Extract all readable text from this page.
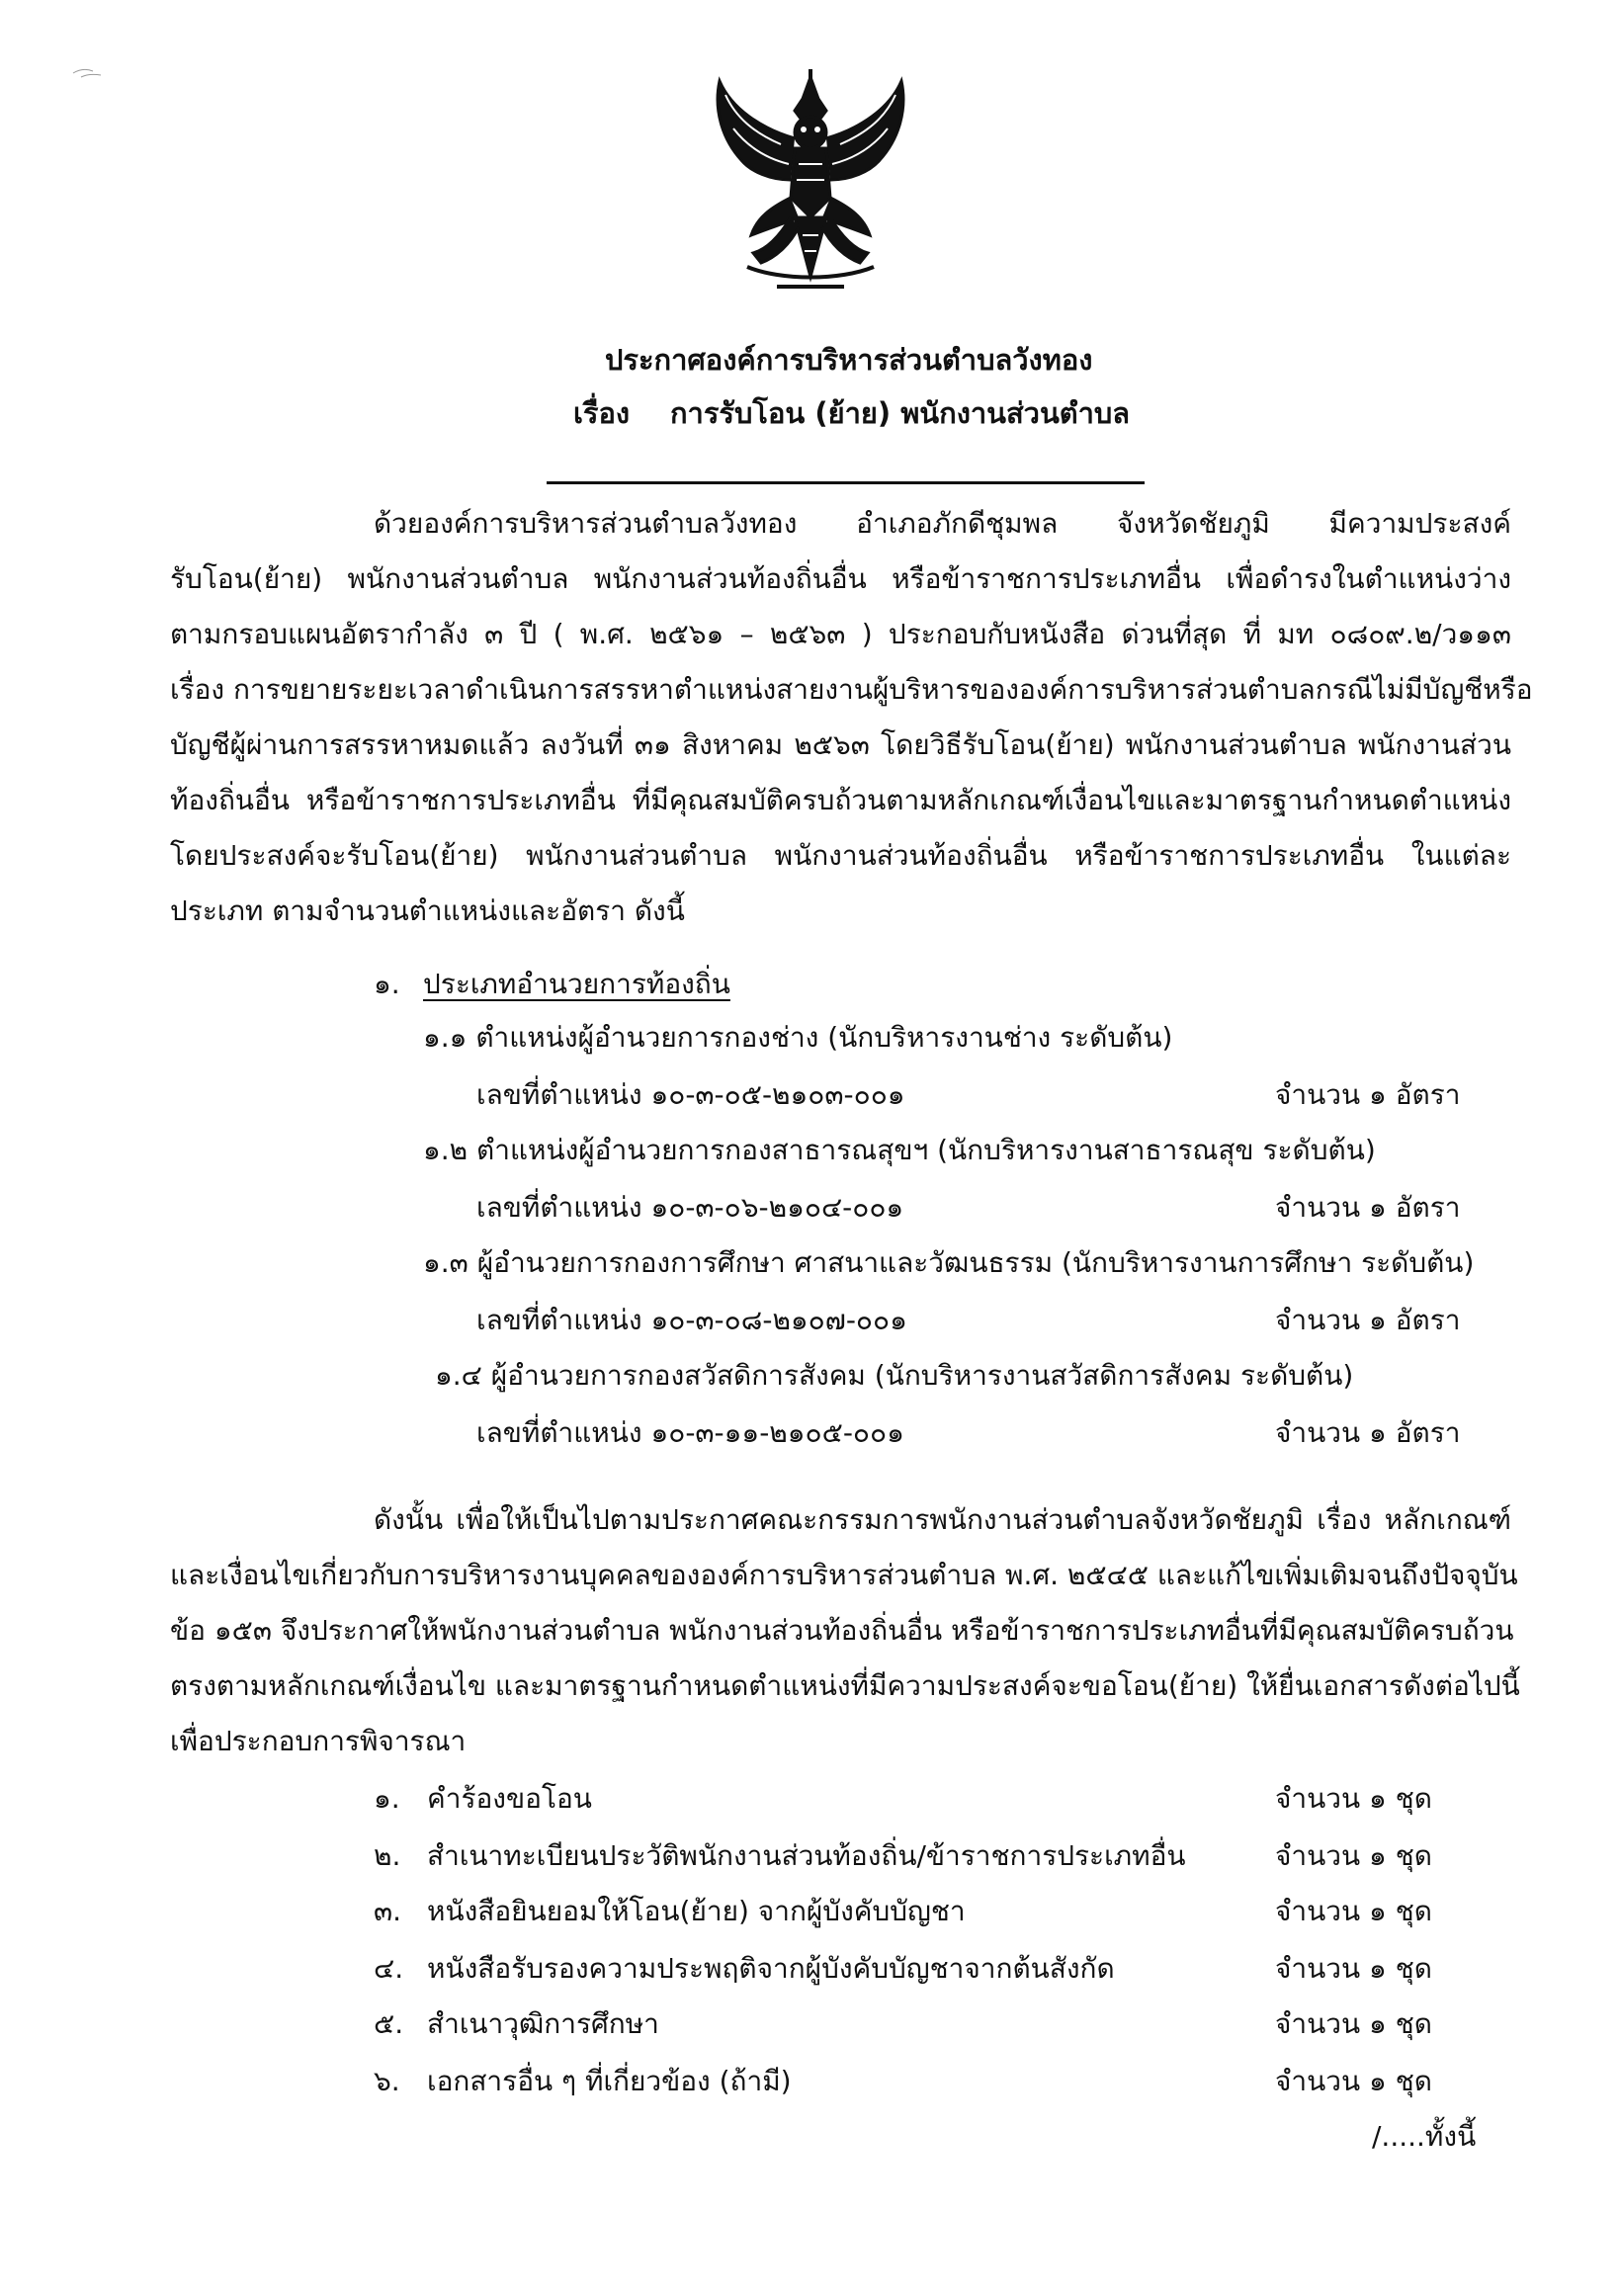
ประกาศองค์การบริหารส่วนตำบลวังทอง
เรื่อง การรับโอน (ย้าย) พนักงานส่วนตำบล
ด้วยองค์การบริหารส่วนตำบลวังทอง อำเภอภักดีชุมพล จังหวัดชัยภูมิ มีความประสงค์
รับโอน(ย้าย) พนักงานส่วนตำบล พนักงานส่วนท้องถิ่นอื่น หรือข้าราชการประเภทอื่น เพื่อดำรงในตำแหน่งว่าง
ตามกรอบแผนอัตรากำลัง ๓ ปี ( พ.ศ. ๒๕๖๑ – ๒๕๖๓ ) ประกอบกับหนังสือ ด่วนที่สุด ที่ มท ๐๘๐๙.๒/ว๑๑๓
เรื่อง การขยายระยะเวลาดำเนินการสรรหาตำแหน่งสายงานผู้บริหารขององค์การบริหารส่วนตำบลกรณีไม่มีบัญชีหรือ
บัญชีผู้ผ่านการสรรหาหมดแล้ว ลงวันที่ ๓๑ สิงหาคม ๒๕๖๓ โดยวิธีรับโอน(ย้าย) พนักงานส่วนตำบล พนักงานส่วน
ท้องถิ่นอื่น หรือข้าราชการประเภทอื่น ที่มีคุณสมบัติครบถ้วนตามหลักเกณฑ์เงื่อนไขและมาตรฐานกำหนดตำแหน่ง
โดยประสงค์จะรับโอน(ย้าย) พนักงานส่วนตำบล พนักงานส่วนท้องถิ่นอื่น หรือข้าราชการประเภทอื่น ในแต่ละ
ประเภท ตามจำนวนตำแหน่งและอัตรา ดังนี้
๑. ประเภทอำนวยการท้องถิ่น
๑.๑ ตำแหน่งผู้อำนวยการกองช่าง (นักบริหารงานช่าง ระดับต้น)
เลขที่ตำแหน่ง ๑๐-๓-๐๕-๒๑๐๓-๐๐๑	จำนวน ๑ อัตรา
๑.๒ ตำแหน่งผู้อำนวยการกองสาธารณสุขฯ (นักบริหารงานสาธารณสุข ระดับต้น)
เลขที่ตำแหน่ง ๑๐-๓-๐๖-๒๑๐๔-๐๐๑	จำนวน ๑ อัตรา
๑.๓ ผู้อำนวยการกองการศึกษา ศาสนาและวัฒนธรรม (นักบริหารงานการศึกษา ระดับต้น)
เลขที่ตำแหน่ง ๑๐-๓-๐๘-๒๑๐๗-๐๐๑	จำนวน ๑ อัตรา
๑.๔ ผู้อำนวยการกองสวัสดิการสังคม (นักบริหารงานสวัสดิการสังคม ระดับต้น)
เลขที่ตำแหน่ง ๑๐-๓-๑๑-๒๑๐๕-๐๐๑	จำนวน ๑ อัตรา
ดังนั้น เพื่อให้เป็นไปตามประกาศคณะกรรมการพนักงานส่วนตำบลจังหวัดชัยภูมิ เรื่อง หลักเกณฑ์
และเงื่อนไขเกี่ยวกับการบริหารงานบุคคลขององค์การบริหารส่วนตำบล พ.ศ. ๒๕๔๕ และแก้ไขเพิ่มเติมจนถึงปัจจุบัน
ข้อ ๑๕๓ จึงประกาศให้พนักงานส่วนตำบล พนักงานส่วนท้องถิ่นอื่น หรือข้าราชการประเภทอื่นที่มีคุณสมบัติครบถ้วน
ตรงตามหลักเกณฑ์เงื่อนไข และมาตรฐานกำหนดตำแหน่งที่มีความประสงค์จะขอโอน(ย้าย) ให้ยื่นเอกสารดังต่อไปนี้
เพื่อประกอบการพิจารณา
๑. คำร้องขอโอน	จำนวน ๑ ชุด
๒. สำเนาทะเบียนประวัติพนักงานส่วนท้องถิ่น/ข้าราชการประเภทอื่น	จำนวน ๑ ชุด
๓. หนังสือยินยอมให้โอน(ย้าย) จากผู้บังคับบัญชา	จำนวน ๑ ชุด
๔. หนังสือรับรองความประพฤติจากผู้บังคับบัญชาจากต้นสังกัด	จำนวน ๑ ชุด
๕. สำเนาวุฒิการศึกษา	จำนวน ๑ ชุด
๖. เอกสารอื่น ๆ ที่เกี่ยวข้อง (ถ้ามี)	จำนวน ๑ ชุด
/.....ทั้งนี้
